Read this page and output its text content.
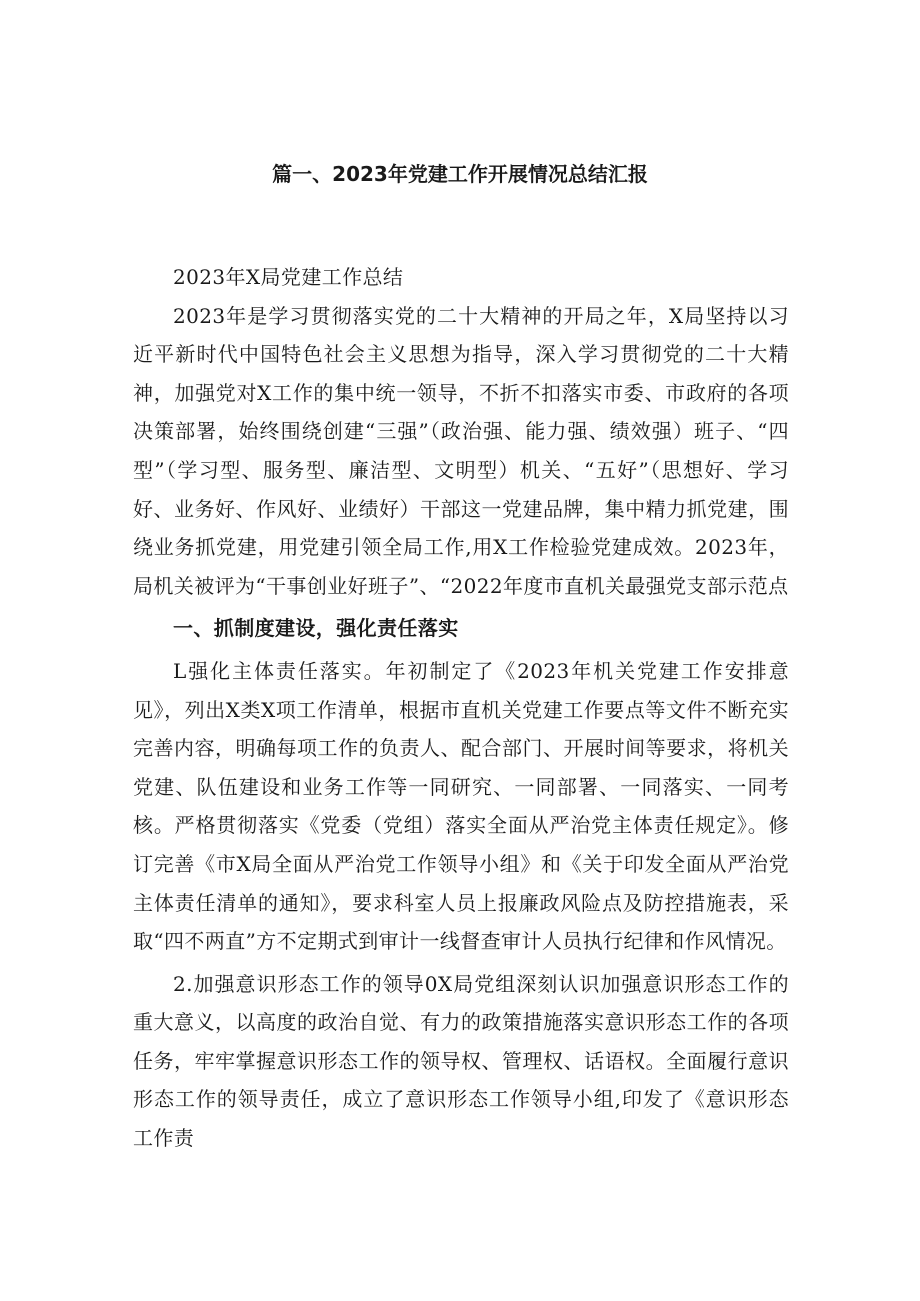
篇一、2023年党建工作开展情况总结汇报

2023年X局党建工作总结

2023年是学习贯彻落实党的二十大精神的开局之年，X局坚持以习近平新时代中国特色社会主义思想为指导，深入学习贯彻党的二十大精神，加强党对X工作的集中统一领导，不折不扣落实市委、市政府的各项决策部署，始终围绕创建“三强”（政治强、能力强、绩效强）班子、“四型”（学习型、服务型、廉洁型、文明型）机关、“五好”（思想好、学习好、业务好、作风好、业绩好）干部这一党建品牌，集中精力抓党建，围绕业务抓党建，用党建引领全局工作,用X工作检验党建成效。2023年，局机关被评为“干事创业好班子”、“2022年度市直机关最强党支部示范点

一、抓制度建设，强化责任落实

L强化主体责任落实。年初制定了《2023年机关党建工作安排意见》，列出X类X项工作清单，根据市直机关党建工作要点等文件不断充实完善内容，明确每项工作的负责人、配合部门、开展时间等要求，将机关党建、队伍建设和业务工作等一同研究、一同部署、一同落实、一同考核。严格贯彻落实《党委（党组）落实全面从严治党主体责任规定》。修订完善《市X局全面从严治党工作领导小组》和《关于印发全面从严治党主体责任清单的通知》，要求科室人员上报廉政风险点及防控措施表，采取“四不两直”方不定期式到审计一线督查审计人员执行纪律和作风情况。

2.加强意识形态工作的领导0X局党组深刻认识加强意识形态工作的重大意义，以高度的政治自觉、有力的政策措施落实意识形态工作的各项任务，牢牢掌握意识形态工作的领导权、管理权、话语权。全面履行意识形态工作的领导责任，成立了意识形态工作领导小组,印发了《意识形态工作责
